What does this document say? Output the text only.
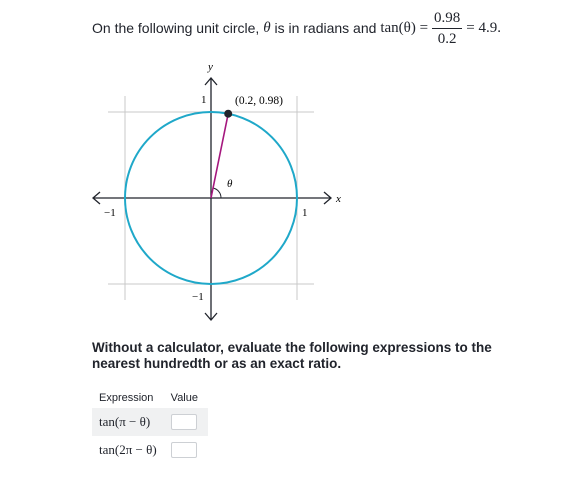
On the following unit circle,
θ
is in radians and
$\tan(\theta) = \frac{0.98}{0.2} = 4.9$.
y
x
1
−1
1
−1
(0.2, 0.98)
θ
Without a calculator, evaluate the following expressions to the nearest hundredth or as an exact ratio.
Expression	Value
tan(π − θ)	
tan(2π − θ)	
